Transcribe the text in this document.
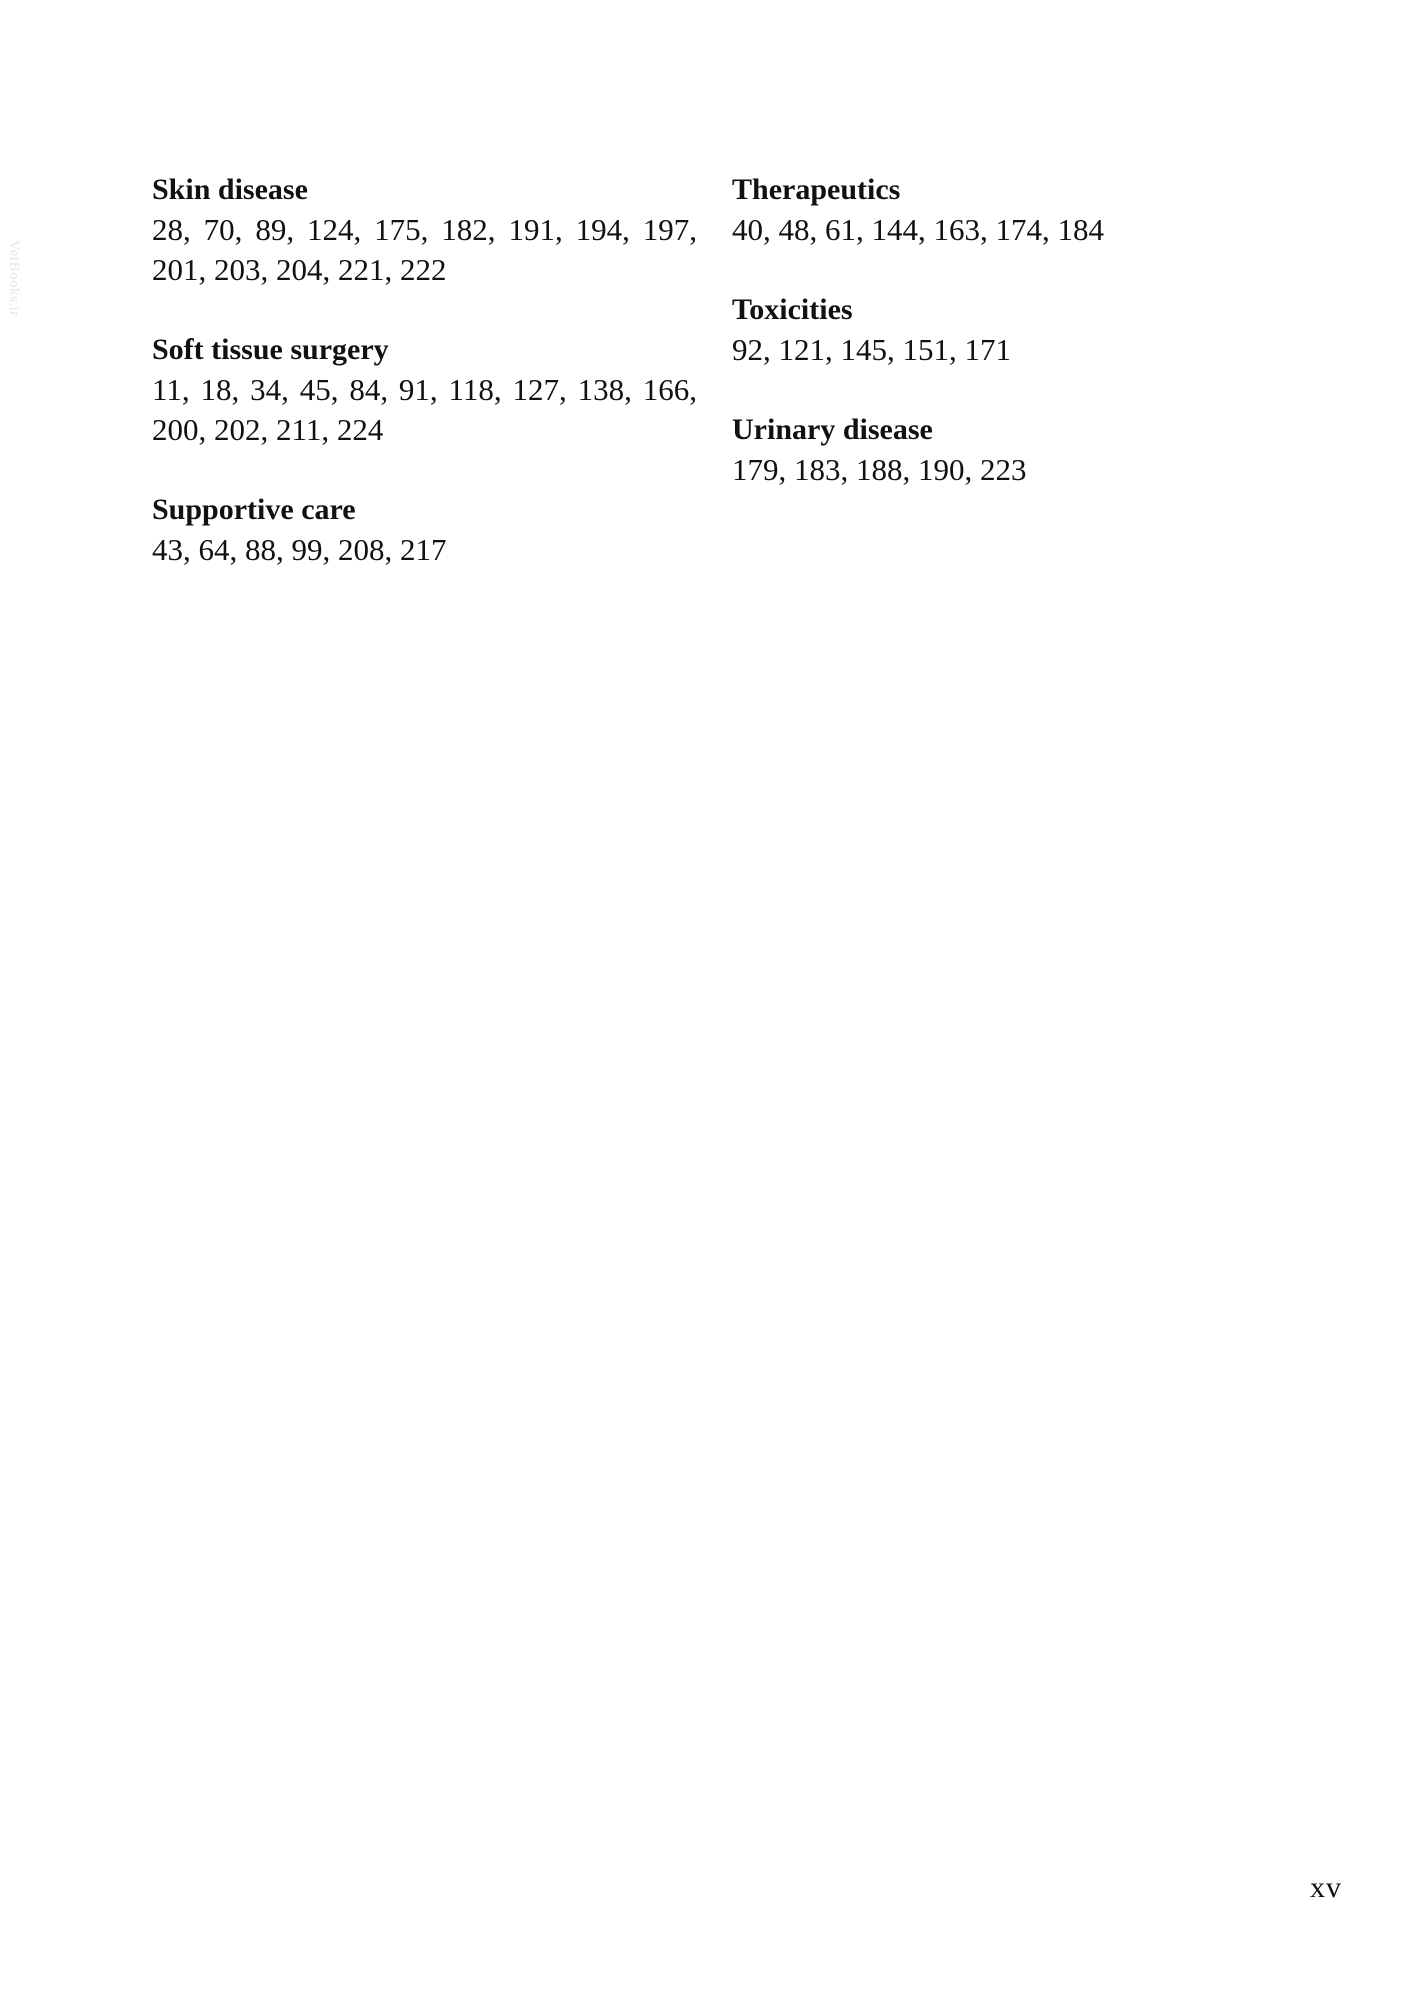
VetBooks.ir

Skin disease

28, 70, 89, 124, 175, 182, 191, 194, 197, 201, 203, 204, 221, 222

Soft tissue surgery

11, 18, 34, 45, 84, 91, 118, 127, 138, 166, 200, 202, 211, 224

Supportive care

43, 64, 88, 99, 208, 217

Therapeutics

40, 48, 61, 144, 163, 174, 184

Toxicities

92, 121, 145, 151, 171

Urinary disease

179, 183, 188, 190, 223

xv
